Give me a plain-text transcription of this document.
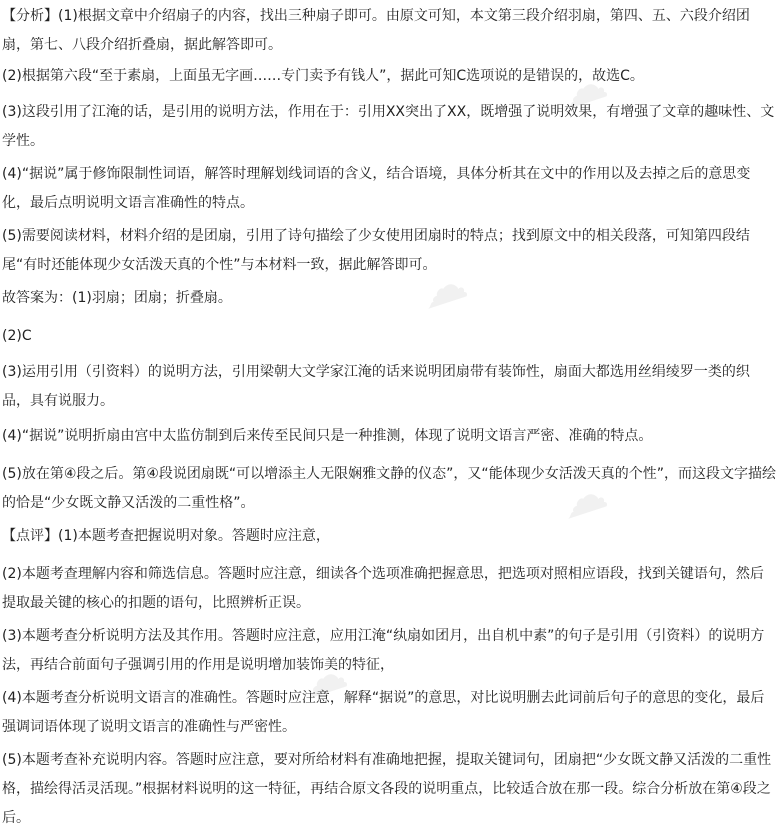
☁
☁
☁
☁

【分析】(1)根据文章中介绍扇子的内容，找出三种扇子即可。由原文可知，本文第三段介绍羽扇，第四、五、六段介绍团扇，第七、八段介绍折叠扇，据此解答即可。

(2)根据第六段“至于素扇，上面虽无字画……专门卖予有钱人”，据此可知C选项说的是错误的，故选C。

(3)这段引用了江淹的话，是引用的说明方法，作用在于：引用XX突出了XX，既增强了说明效果，有增强了文章的趣味性、文学性。

(4)“据说”属于修饰限制性词语，解答时理解划线词语的含义，结合语境，具体分析其在文中的作用以及去掉之后的意思变化，最后点明说明文语言准确性的特点。

(5)需要阅读材料，材料介绍的是团扇，引用了诗句描绘了少女使用团扇时的特点；找到原文中的相关段落，可知第四段结尾“有时还能体现少女活泼天真的个性”与本材料一致，据此解答即可。

故答案为：(1)羽扇；团扇；折叠扇。

(2)C

(3)运用引用（引资料）的说明方法，引用梁朝大文学家江淹的话来说明团扇带有装饰性，扇面大都选用丝绢绫罗一类的织品，具有说服力。

(4)“据说”说明折扇由宫中太监仿制到后来传至民间只是一种推测，体现了说明文语言严密、准确的特点。

(5)放在第④段之后。第④段说团扇既“可以增添主人无限娴雅文静的仪态”，又“能体现少女活泼天真的个性”，而这段文字描绘的恰是“少女既文静又活泼的二重性格”。

【点评】(1)本题考查把握说明对象。答题时应注意，

(2)本题考查理解内容和筛选信息。答题时应注意，细读各个选项准确把握意思，把选项对照相应语段，找到关键语句，然后提取最关键的核心的扣题的语句，比照辨析正误。

(3)本题考查分析说明方法及其作用。答题时应注意，应用江淹“纨扇如团月，出自机中素”的句子是引用（引资料）的说明方法，再结合前面句子强调引用的作用是说明增加装饰美的特征，

(4)本题考查分析说明文语言的准确性。答题时应注意，解释“据说”的意思，对比说明删去此词前后句子的意思的变化，最后强调词语体现了说明文语言的准确性与严密性。

(5)本题考查补充说明内容。答题时应注意，要对所给材料有准确地把握，提取关键词句，团扇把“少女既文静又活泼的二重性格，描绘得活灵活现。”根据材料说明的这一特征，再结合原文各段的说明重点，比较适合放在那一段。综合分析放在第④段之后。
